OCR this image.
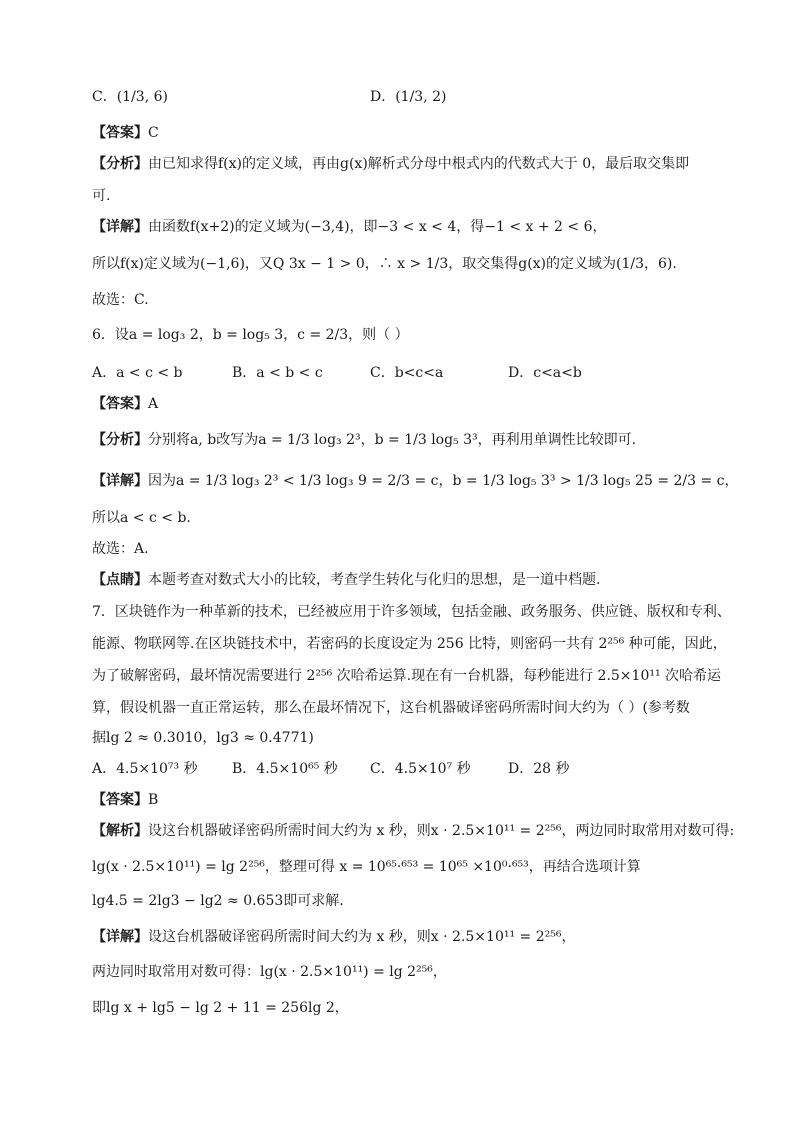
C．(1/3, 6)	D．(1/3, 2)
【答案】C
【分析】由已知求得f(x)的定义域，再由g(x)解析式分母中根式内的代数式大于 0，最后取交集即
可.
【详解】由函数f(x+2)的定义域为(−3,4)，即−3 < x < 4，得−1 < x + 2 < 6，
所以f(x)定义域为(−1,6)，又Q 3x − 1 > 0，∴ x > 1/3，取交集得g(x)的定义域为(1/3，6).
故选：C.
6．设a = log₃ 2，b = log₅ 3，c = 2/3，则（ ）
A．a < c < b	B．a < b < c	C．b<c<a	D．c<a<b
【答案】A
【分析】分别将a, b改写为a = 1/3 log₃ 2³，b = 1/3 log₅ 3³，再利用单调性比较即可.
【详解】因为a = 1/3 log₃ 2³ < 1/3 log₃ 9 = 2/3 = c，b = 1/3 log₅ 3³ > 1/3 log₅ 25 = 2/3 = c，
所以a < c < b.
故选：A.
【点睛】本题考查对数式大小的比较，考查学生转化与化归的思想，是一道中档题.
7．区块链作为一种革新的技术，已经被应用于许多领域，包括金融、政务服务、供应链、版权和专利、
能源、物联网等.在区块链技术中，若密码的长度设定为 256 比特，则密码一共有 2²⁵⁶ 种可能，因此，
为了破解密码，最坏情况需要进行 2²⁵⁶ 次哈希运算.现在有一台机器，每秒能进行 2.5×10¹¹ 次哈希运
算，假设机器一直正常运转，那么在最坏情况下，这台机器破译密码所需时间大约为（ ）(参考数
据lg 2 ≈ 0.3010，lg3 ≈ 0.4771)
A．4.5×10⁷³ 秒 B．4.5×10⁶⁵ 秒 C．4.5×10⁷ 秒	D．28 秒
【答案】B
【解析】设这台机器破译密码所需时间大约为 x 秒，则x · 2.5×10¹¹ = 2²⁵⁶，两边同时取常用对数可得:
lg(x · 2.5×10¹¹) = lg 2²⁵⁶，整理可得 x = 10⁶⁵·⁶⁵³ = 10⁶⁵ ×10⁰·⁶⁵³，再结合选项计算
lg4.5 = 2lg3 − lg2 ≈ 0.653即可求解.
【详解】设这台机器破译密码所需时间大约为 x 秒，则x · 2.5×10¹¹ = 2²⁵⁶，
两边同时取常用对数可得：lg(x · 2.5×10¹¹) = lg 2²⁵⁶，
即lg x + lg5 − lg 2 + 11 = 256lg 2，
